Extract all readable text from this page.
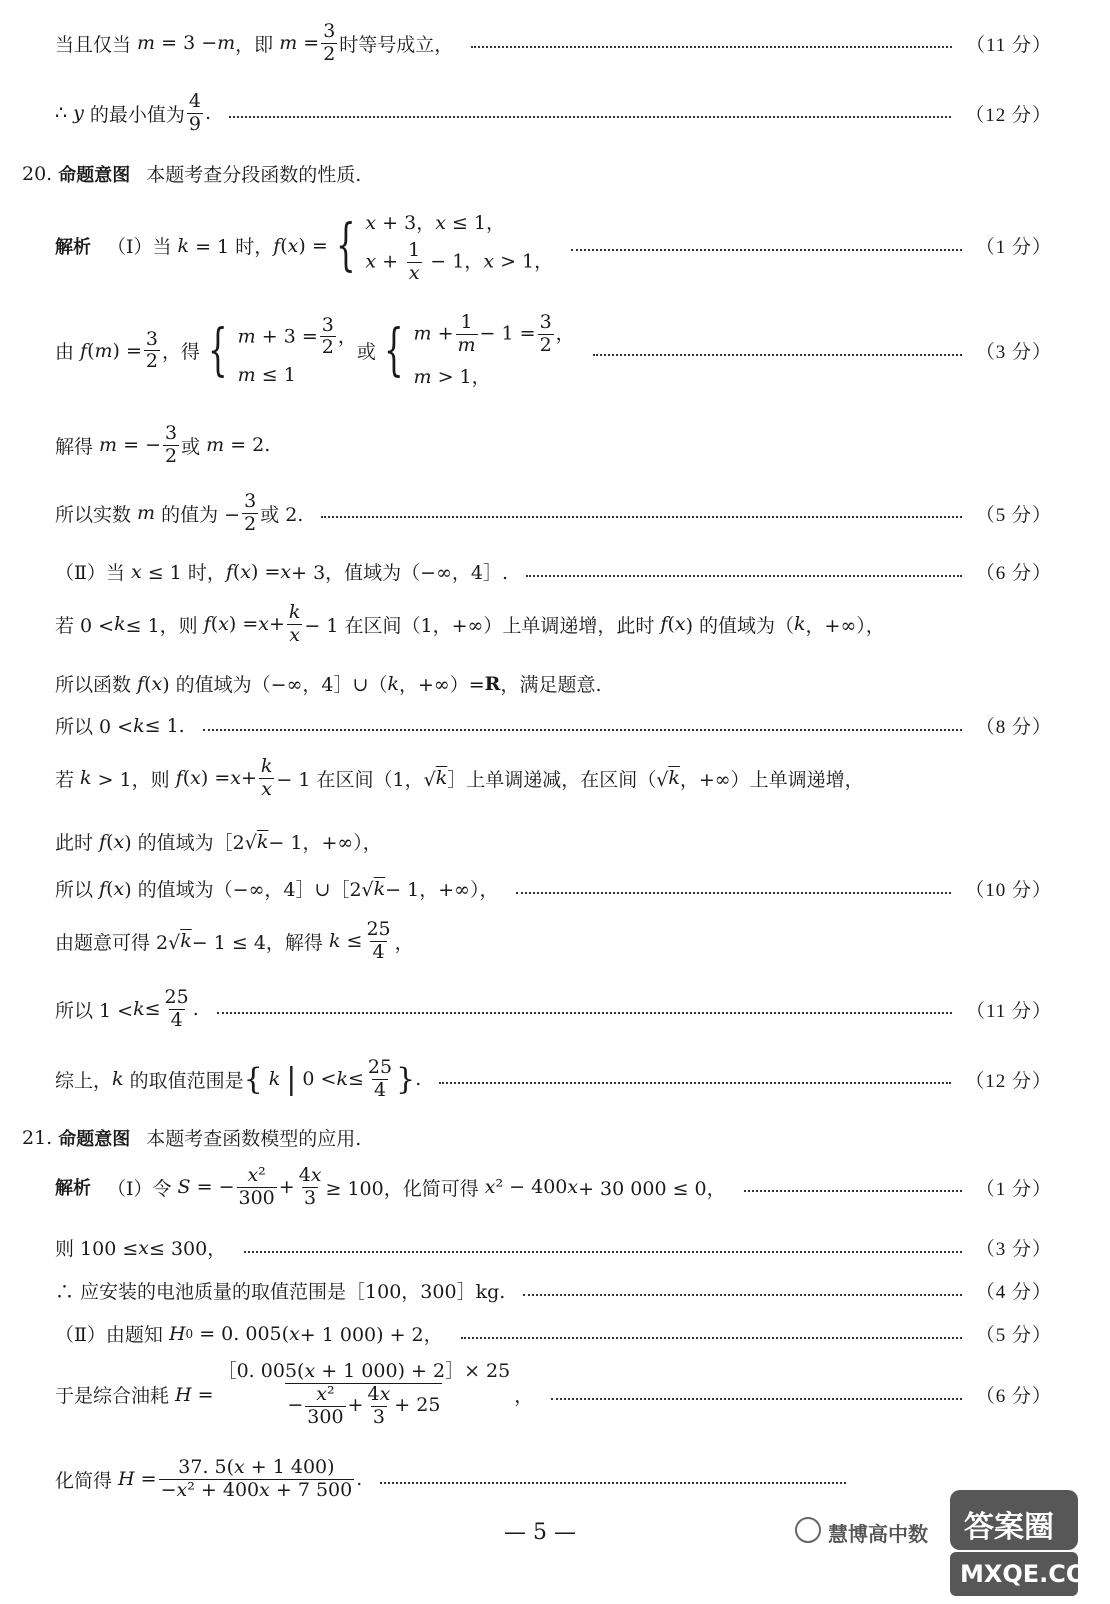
当且仅当 m = 3 − m ，即 $m = \frac{3}{2}$ 时等号成立，	（11 分）
∴ y 的最小值为 $\frac{4}{9}$ .	（12 分）
20. 命题意图 本题考查分段函数的性质.
解析 （Ⅰ）当 k = 1 时， f ( x ) = { x + 3，x ≤ 1，
$x + \frac{1}{x} - 1$，x > 1，
（1 分）
由 f ( m ) = $\frac{3}{2}$ ，得 { $m + 3 = \frac{3}{2}$ ，
m ≤ 1
或 { $m + \frac{1}{m} - 1 = \frac{3}{2}$ ，
m > 1，
（3 分）
解得 m = − $\frac{3}{2}$ 或 m = 2.
所以实数 m 的值为 − $\frac{3}{2}$ 或 2.	（5 分）
（Ⅱ）当 x ≤ 1 时， f ( x ) = x + 3，值域为（−∞，4］.	（6 分）
若 0 < k ≤ 1，则 f ( x ) = $x + \frac{k}{x} - 1$ 在区间（1，+∞）上单调递增，此时 f ( x ) 的值域为（ k ，+∞），
所以函数 f ( x ) 的值域为（−∞，4］∪（ k ，+∞）= R ，满足题意.
所以 0 < k ≤ 1.	（8 分）
若 k > 1，则 f ( x ) = $x + \frac{k}{x} - 1$ 在区间（1，√ k ］上单调递减，在区间（√ k ，+∞）上单调递增，
此时 f ( x ) 的值域为［2√ k − 1，+∞），
所以 f ( x ) 的值域为（−∞，4］∪［2√ k − 1，+∞），	（10 分）
由题意可得 2√ k − 1 ≤ 4，解得 $k \le \frac{25}{4}$ ，
所以 $1 < k \le \frac{25}{4}$ .	（11 分）
综上， k 的取值范围是 {
k
| $0 < k \le \frac{25}{4}$ } .	（12 分）
21. 命题意图 本题考查函数模型的应用.
解析 （Ⅰ）令 S = − $\frac{\text{x²}}{300} + \frac{4x}{3} \ge 100$，化简可得 x ² − 400 x + 30 000 ≤ 0，	（1 分）
则 100 ≤ x ≤ 300，	（3 分）
∴ 应安装的电池质量的取值范围是［100，300］kg.	（4 分）
（Ⅱ）由题知 H 0 = 0. 005( x + 1 000) + 2，	（5 分）
于是综合油耗 $H = \frac{[0. 005(x + 1 000) + 2]\times 25}{- \frac{\text{x²}}{300} + \frac{4x}{3} + 25}$ ，	（6 分）
化简得 $H = \frac{37. 5(x + 1 400)}{\text{−x² + 400x + 7 500}}$ .
— 5 —	慧博高中数 答案圈
MXQE.COM
